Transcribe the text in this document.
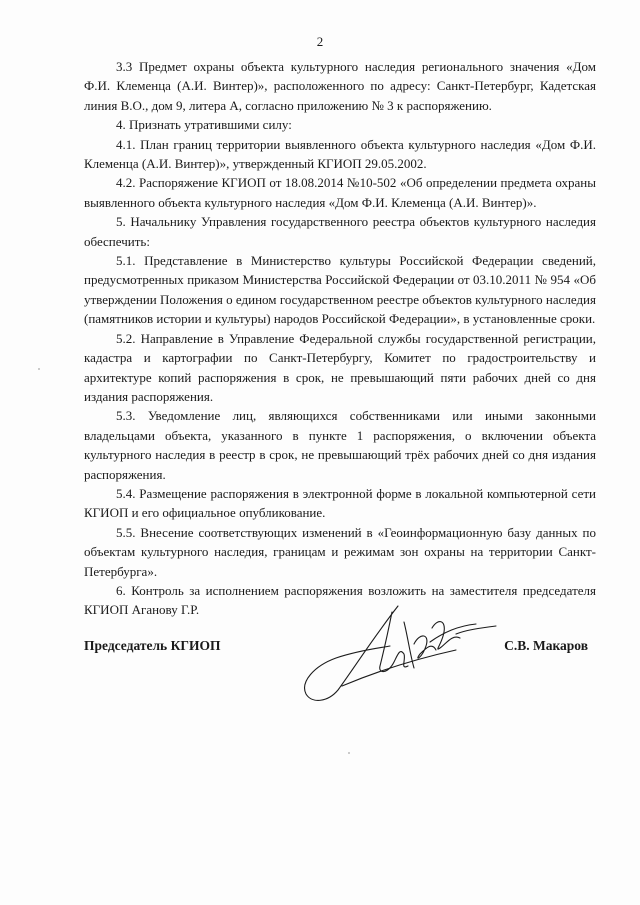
2

3.3 Предмет охраны объекта культурного наследия регионального значения «Дом Ф.И. Клеменца (А.И. Винтер)», расположенного по адресу: Санкт-Петербург, Кадетская линия В.О., дом 9, литера А, согласно приложению № 3 к распоряжению.

4. Признать утратившими силу:

4.1. План границ территории выявленного объекта культурного наследия «Дом Ф.И. Клеменца (А.И. Винтер)», утвержденный КГИОП 29.05.2002.

4.2. Распоряжение КГИОП от 18.08.2014 №10-502 «Об определении предмета охраны выявленного объекта культурного наследия «Дом Ф.И. Клеменца (А.И. Винтер)».

5. Начальнику Управления государственного реестра объектов культурного наследия обеспечить:

5.1. Представление в Министерство культуры Российской Федерации сведений, предусмотренных приказом Министерства Российской Федерации от 03.10.2011 № 954 «Об утверждении Положения о едином государственном реестре объектов культурного наследия (памятников истории и культуры) народов Российской Федерации», в установленные сроки.

5.2. Направление в Управление Федеральной службы государственной регистрации, кадастра и картографии по Санкт-Петербургу, Комитет по градостроительству и архитектуре копий распоряжения в срок, не превышающий пяти рабочих дней со дня издания распоряжения.

5.3. Уведомление лиц, являющихся собственниками или иными законными владельцами объекта, указанного в пункте 1 распоряжения, о включении объекта культурного наследия в реестр в срок, не превышающий трёх рабочих дней со дня издания распоряжения.

5.4. Размещение распоряжения в электронной форме в локальной компьютерной сети КГИОП и его официальное опубликование.

5.5. Внесение соответствующих изменений в «Геоинформационную базу данных по объектам культурного наследия, границам и режимам зон охраны на территории Санкт-Петербурга».

6. Контроль за исполнением распоряжения возложить на заместителя председателя КГИОП Аганову Г.Р.

Председатель КГИОП	С.В. Макаров
